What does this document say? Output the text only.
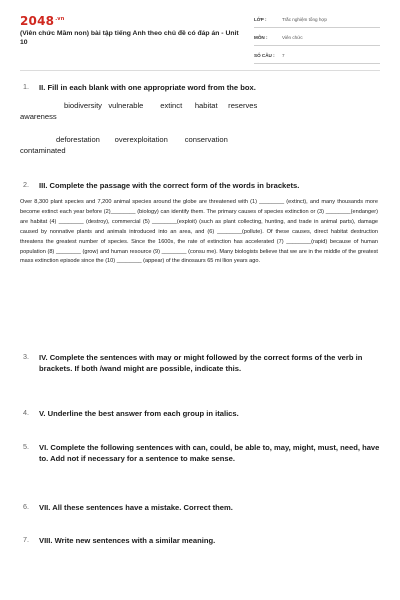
$2048^{.vn}$
(Viên chức Mầm non) bài tập tiếng Anh theo chủ đề có đáp án - Unit 10
LỚP :	Trắc nghiệm tổng hợp
MÔN :	Viên chức
SỐ CÂU : 7
1. II. Fill in each blank with one appropriate word from the box.
biodiversity   vulnerable        extinct      habitat     reserves
awareness
deforestation       overexploitation        conservation
contaminated
2. III. Complete the passage with the correct form of the words in brackets.
Over 8,300 plant species and 7,200 animal species around the globe are threatened with (1) ________ (extinct), and many thousands more become extinct each year before (2)________ (biology) can identify them. The primary causes of species extinction or (3) ________(endanger) are habitat (4) ________ (destroy), commercial (5) ________(exploit) (such as plant collecting, hunting, and trade in animal parts), damage caused by nonnative plants and animals introduced into an area, and (6) ________(pollute). Of these causes, direct habitat destruction threatens the greatest number of species. Since the 1600s, the rate of extinction has accelerated (7) ________(rapid) because of human population (8) ________ (grow) and human resource (9) ________ (consu me). Many biologists believe that we are in the middle of the greatest mass extinction episode since the (10) ________ (appear) of the dinosaurs 65 mi llion years ago.
3. IV. Complete the sentences with may or might followed by the correct forms of the verb in brackets. If both /wand might are possible, indicate this.
4. V. Underline the best answer from each group in italics.
5. VI. Complete the following sentences with can, could, be able to, may, might, must, need, have to. Add not if necessary for a sentence to make sense.
6. VII. All these sentences have a mistake. Correct them.
7. VIII. Write new sentences with a similar meaning.
